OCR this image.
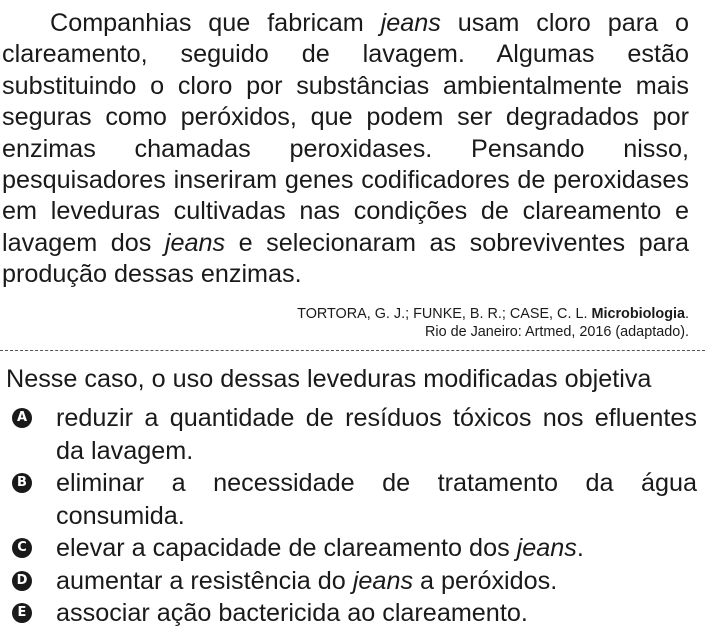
Companhias que fabricam jeans usam cloro para o clareamento, seguido de lavagem. Algumas estão substituindo o cloro por substâncias ambientalmente mais seguras como peróxidos, que podem ser degradados por enzimas chamadas peroxidases. Pensando nisso, pesquisadores inseriram genes codificadores de peroxidases em leveduras cultivadas nas condições de clareamento e lavagem dos jeans e selecionaram as sobreviventes para produção dessas enzimas.

TORTORA, G. J.; FUNKE, B. R.; CASE, C. L. Microbiologia.
Rio de Janeiro: Artmed, 2016 (adaptado).

Nesse caso, o uso dessas leveduras modificadas objetiva

A reduzir a quantidade de resíduos tóxicos nos efluentes da lavagem.
B eliminar a necessidade de tratamento da água consumida.
C elevar a capacidade de clareamento dos jeans.
D aumentar a resistência do jeans a peróxidos.
E associar ação bactericida ao clareamento.
